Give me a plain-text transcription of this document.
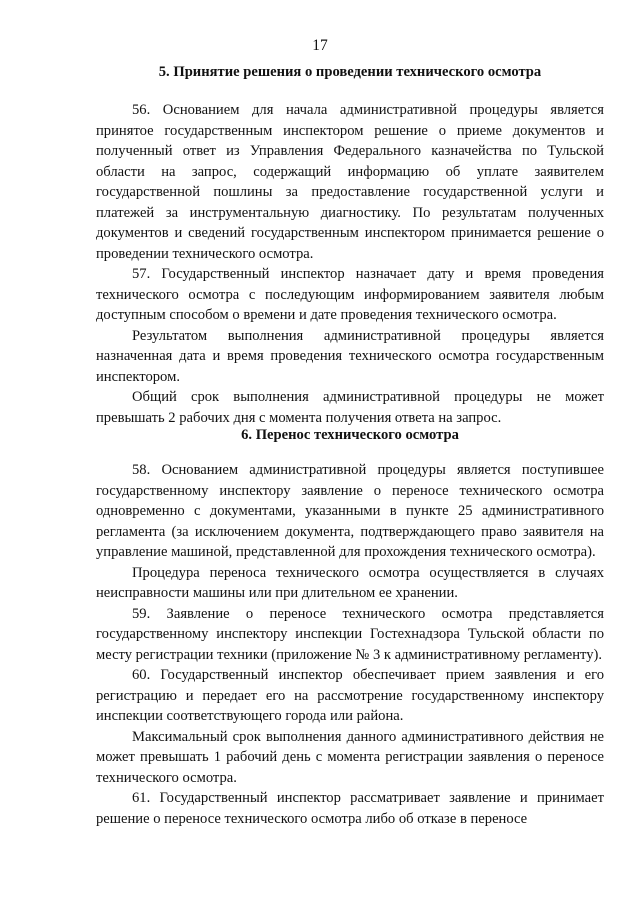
17
5. Принятие решения о проведении технического осмотра

56. Основанием для начала административной процедуры является принятое государственным инспектором решение о приеме документов и полученный ответ из Управления Федерального казначейства по Тульской области на запрос, содержащий информацию об уплате заявителем государственной пошлины за предоставление государственной услуги и платежей за инструментальную диагностику. По результатам полученных документов и сведений государственным инспектором принимается решение о проведении технического осмотра.

57. Государственный инспектор назначает дату и время проведения технического осмотра с последующим информированием заявителя любым доступным способом о времени и дате проведения технического осмотра.

Результатом выполнения административной процедуры является назначенная дата и время проведения технического осмотра государственным инспектором.

Общий срок выполнения административной процедуры не может превышать 2 рабочих дня с момента получения ответа на запрос.

6. Перенос технического осмотра

58. Основанием административной процедуры является поступившее государственному инспектору заявление о переносе технического осмотра одновременно с документами, указанными в пункте 25 административного регламента (за исключением документа, подтверждающего право заявителя на управление машиной, представленной для прохождения технического осмотра).

Процедура переноса технического осмотра осуществляется в случаях неисправности машины или при длительном ее хранении.

59. Заявление о переносе технического осмотра представляется государственному инспектору инспекции Гостехнадзора Тульской области по месту регистрации техники (приложение № 3 к административному регламенту).

60. Государственный инспектор обеспечивает прием заявления и его регистрацию и передает его на рассмотрение государственному инспектору инспекции соответствующего города или района.

Максимальный срок выполнения данного административного действия не может превышать 1 рабочий день с момента регистрации заявления о переносе технического осмотра.

61. Государственный инспектор рассматривает заявление и принимает решение о переносе технического осмотра либо об отказе в переносе
